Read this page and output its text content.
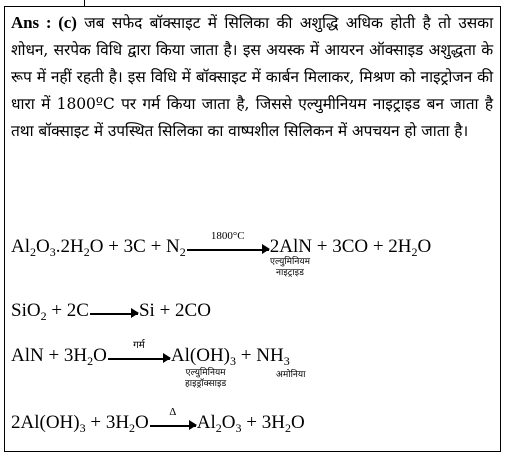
Ans : (c) जब सफेद बॉक्साइट में सिलिका की अशुद्धि अधिक होती है तो उसका शोधन, सरपेक विधि द्वारा किया जाता है। इस अयस्क में आयरन ऑक्साइड अशुद्धता के रूप में नहीं रहती है। इस विधि में बॉक्साइट में कार्बन मिलाकर, मिश्रण को नाइट्रोजन की धारा में 1800ºC पर गर्म किया जाता है, जिससे एल्युमीनियम नाइट्राइड बन जाता है तथा बॉक्साइट में उपस्थित सिलिका का वाष्पशील सिलिकन में अपचयन हो जाता है।

$Al_2O_3.2H_2O + 3C + N_2$
1800°C
$2AlN + 3CO + 2H_2O$
एल्युमिनियम
नाइट्राइड
SiO$_2$ + 2C	Si + 2CO
AlN + $3H_2O$	गर्म	$Al(OH)_3 + NH_3$
एल्युमिनियम
हाइड्रॉक्साइड
अमोनिया
$2Al(OH)_3 + 3H_2O$
Δ
$Al_2O_3 + 3H_2O$
